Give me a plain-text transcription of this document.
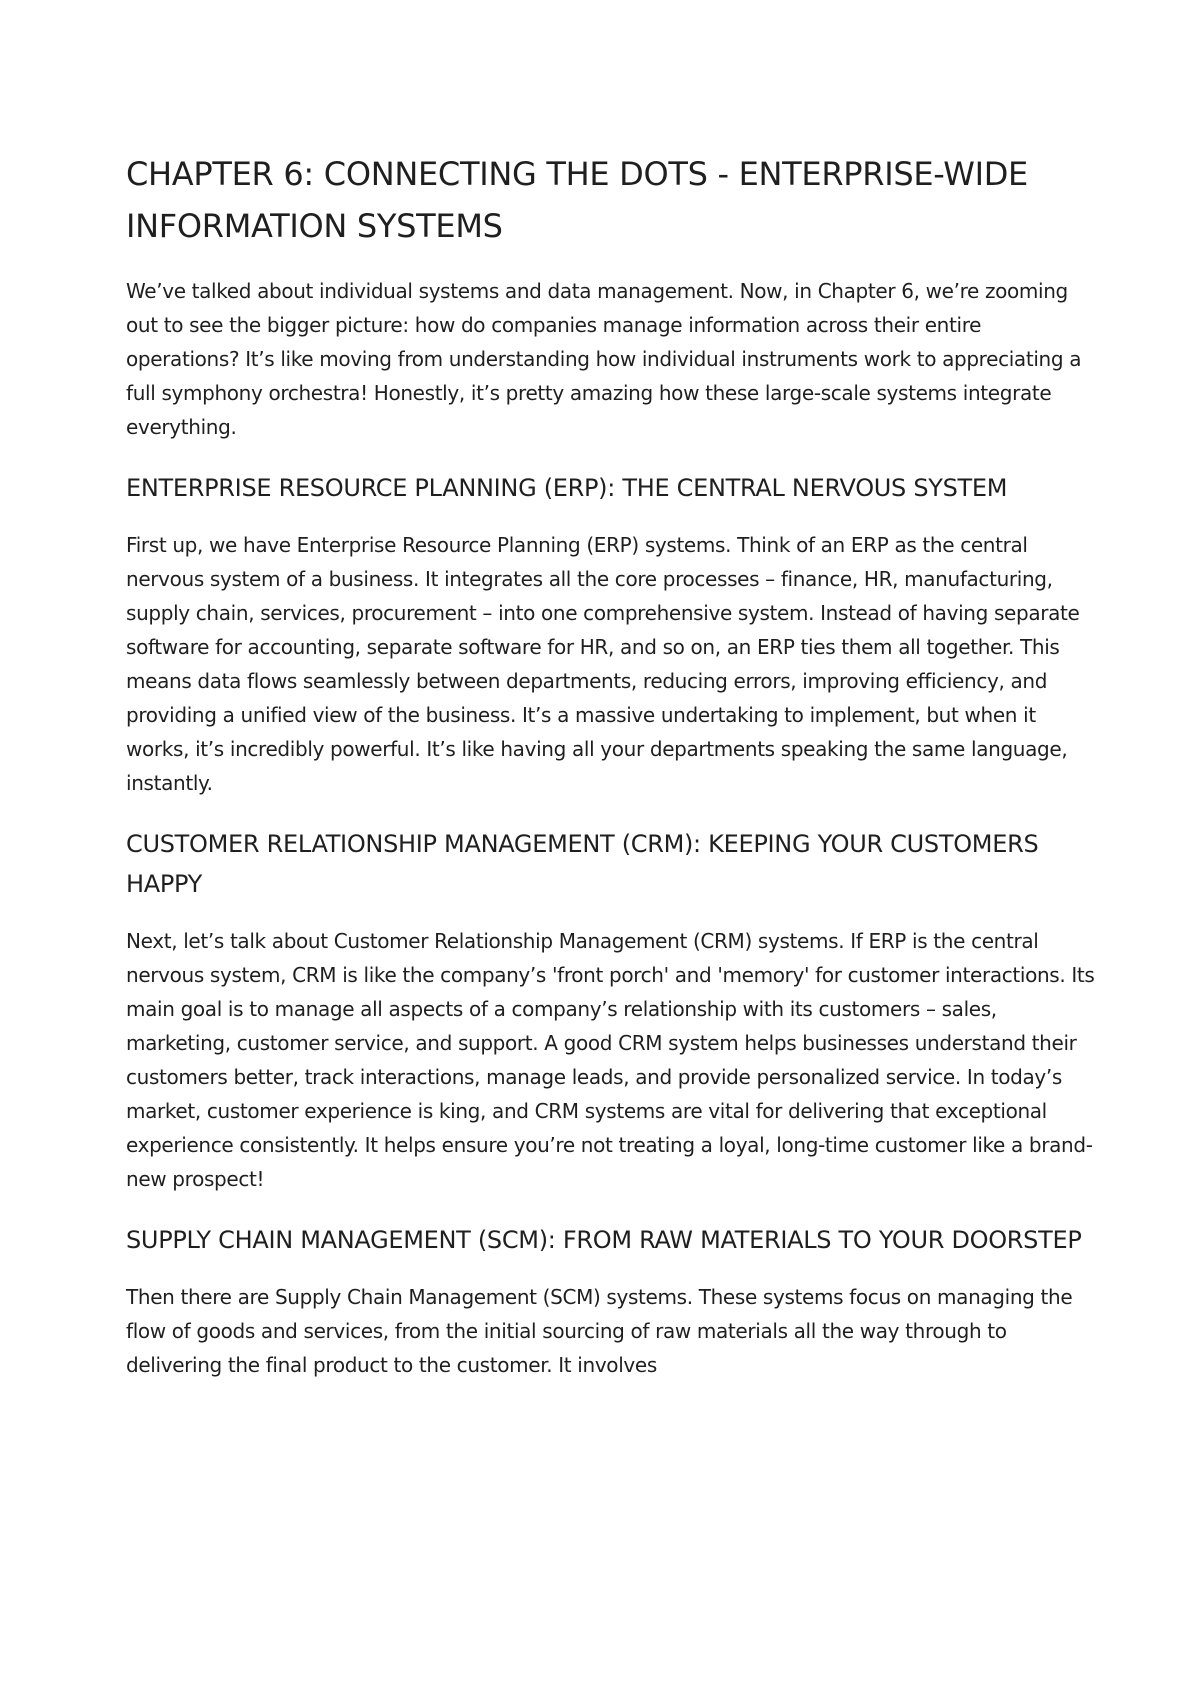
CHAPTER 6: CONNECTING THE DOTS - ENTERPRISE-WIDE INFORMATION SYSTEMS

We’ve talked about individual systems and data management. Now, in Chapter 6, we’re zooming out to see the bigger picture: how do companies manage information across their entire operations? It’s like moving from understanding how individual instruments work to appreciating a full symphony orchestra! Honestly, it’s pretty amazing how these large-scale systems integrate everything.

ENTERPRISE RESOURCE PLANNING (ERP): THE CENTRAL NERVOUS SYSTEM

First up, we have Enterprise Resource Planning (ERP) systems. Think of an ERP as the central nervous system of a business. It integrates all the core processes – finance, HR, manufacturing, supply chain, services, procurement – into one comprehensive system. Instead of having separate software for accounting, separate software for HR, and so on, an ERP ties them all together. This means data flows seamlessly between departments, reducing errors, improving efficiency, and providing a unified view of the business. It’s a massive undertaking to implement, but when it works, it’s incredibly powerful. It’s like having all your departments speaking the same language, instantly.

CUSTOMER RELATIONSHIP MANAGEMENT (CRM): KEEPING YOUR CUSTOMERS HAPPY

Next, let’s talk about Customer Relationship Management (CRM) systems. If ERP is the central nervous system, CRM is like the company’s 'front porch' and 'memory' for customer interactions. Its main goal is to manage all aspects of a company’s relationship with its customers – sales, marketing, customer service, and support. A good CRM system helps businesses understand their customers better, track interactions, manage leads, and provide personalized service. In today’s market, customer experience is king, and CRM systems are vital for delivering that exceptional experience consistently. It helps ensure you’re not treating a loyal, long-time customer like a brand-new prospect!

SUPPLY CHAIN MANAGEMENT (SCM): FROM RAW MATERIALS TO YOUR DOORSTEP

Then there are Supply Chain Management (SCM) systems. These systems focus on managing the flow of goods and services, from the initial sourcing of raw materials all the way through to delivering the final product to the customer. It involves
